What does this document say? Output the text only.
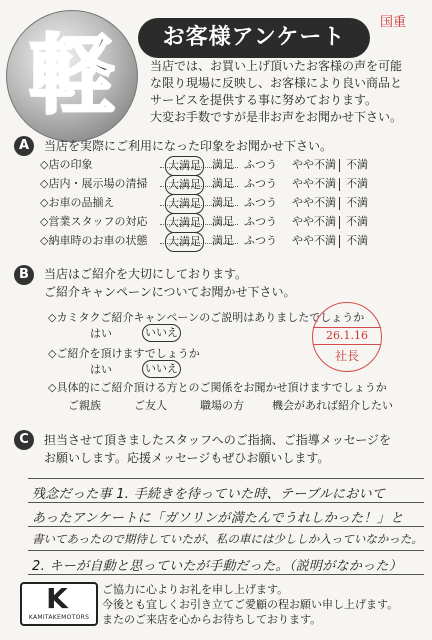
軽	お客様アンケート
国重
当店では、お買い上げ頂いたお客様の声を可能
な限り現場に反映し、お客様により良い商品と
サービスを提供する事に努めております。
大変お手数ですが是非お声をお聞かせ下さい。
A	当店を実際にご利用になった印象をお聞かせ下さい。
◇店の印象	大満足 満足 ふつう やや不満 不満
◇店内・展示場の清掃 大満足 満足 ふつう やや不満 不満
◇お車の品揃え	大満足 満足 ふつう やや不満 不満
◇営業スタッフの対応 大満足 満足 ふつう やや不満 不満
◇納車時のお車の状態 大満足 満足 ふつう やや不満 不満
B	当店はご紹介を大切にしております。
ご紹介キャンペーンについてお聞かせ下さい。
◇カミタクご紹介キャンペーンのご説明はありましたでしょうか
はい	いいえ
◇ご紹介を頂けますでしょうか
はい	いいえ
26.1.16
社長
◇具体的にご紹介頂ける方とのご関係をお聞かせ頂けますでしょうか
ご親族	ご友人	職場の方	機会があれば紹介したい
C	担当させて頂きましたスタッフへのご指摘、ご指導メッセージを
お願いします。応援メッセージもぜひお願いします。
残念だった事 1. 手続きを待っていた時、テーブルにおいて
あったアンケートに「ガソリンが満たんでうれしかった！」と
書いてあったので期待していたが、私の車には少ししか入っていなかった。
2. キーが自動と思っていたが手動だった。（説明がなかった）
K
KAMITAKEMOTORS
ご協力に心よりお礼を申し上げます。
今後とも宜しくお引き立てご愛顧の程お願い申し上げます。
またのご来店を心からお待ちしております。
